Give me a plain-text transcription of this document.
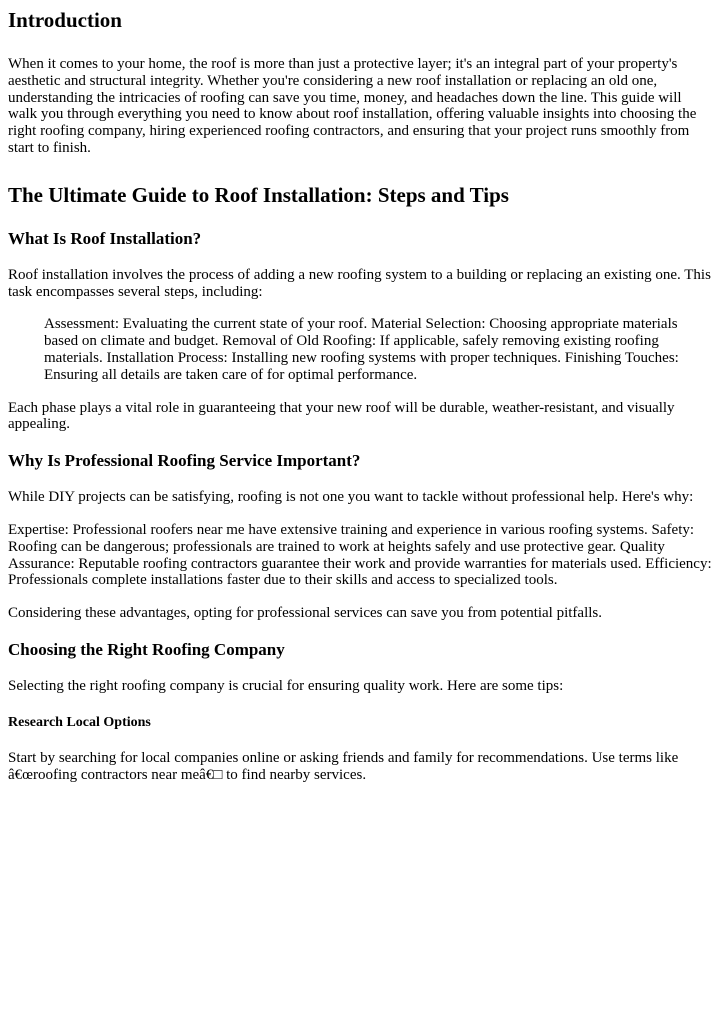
Introduction

When it comes to your home, the roof is more than just a protective layer; it's an integral part of your property's aesthetic and structural integrity. Whether you're considering a new roof installation or replacing an old one, understanding the intricacies of roofing can save you time, money, and headaches down the line. This guide will walk you through everything you need to know about roof installation, offering valuable insights into choosing the right roofing company, hiring experienced roofing contractors, and ensuring that your project runs smoothly from start to finish.

The Ultimate Guide to Roof Installation: Steps and Tips
What Is Roof Installation?

Roof installation involves the process of adding a new roofing system to a building or replacing an existing one. This task encompasses several steps, including:

Assessment: Evaluating the current state of your roof. Material Selection: Choosing appropriate materials based on climate and budget. Removal of Old Roofing: If applicable, safely removing existing roofing materials. Installation Process: Installing new roofing systems with proper techniques. Finishing Touches: Ensuring all details are taken care of for optimal performance.

Each phase plays a vital role in guaranteeing that your new roof will be durable, weather-resistant, and visually appealing.

Why Is Professional Roofing Service Important?

While DIY projects can be satisfying, roofing is not one you want to tackle without professional help. Here's why:

Expertise: Professional roofers near me have extensive training and experience in various roofing systems. Safety: Roofing can be dangerous; professionals are trained to work at heights safely and use protective gear. Quality Assurance: Reputable roofing contractors guarantee their work and provide warranties for materials used. Efficiency: Professionals complete installations faster due to their skills and access to specialized tools.

Considering these advantages, opting for professional services can save you from potential pitfalls.

Choosing the Right Roofing Company

Selecting the right roofing company is crucial for ensuring quality work. Here are some tips:

Research Local Options

Start by searching for local companies online or asking friends and family for recommendations. Use terms like â€œroofing contractors near meâ€□ to find nearby services.
